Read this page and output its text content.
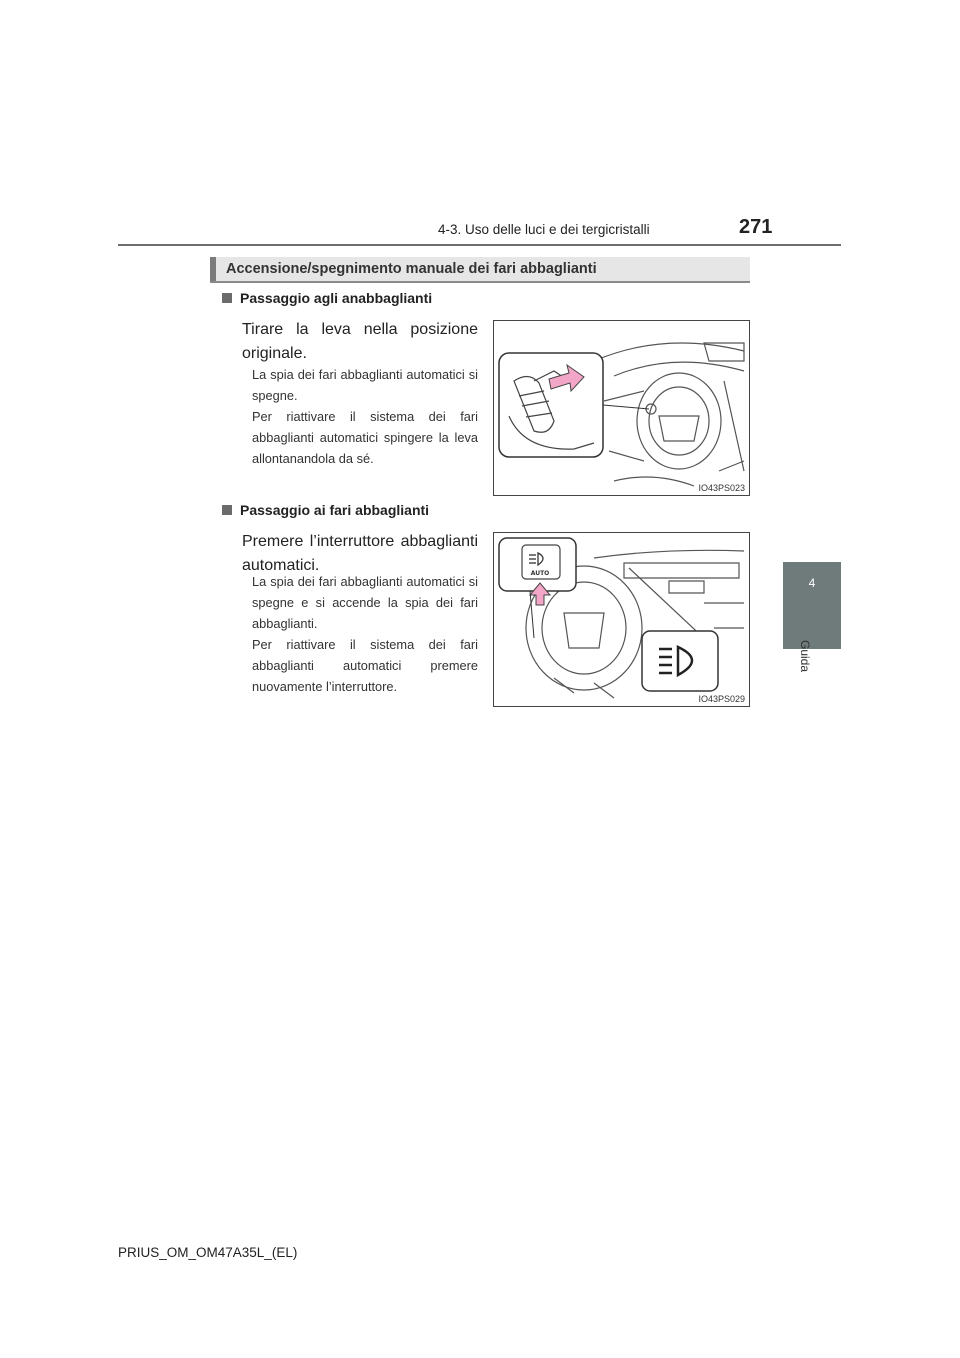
4-3. Uso delle luci e dei tergicristalli	271
4
Guida
Accensione/spegnimento manuale dei fari abbaglianti
Passaggio agli anabbaglianti
Tirare la leva nella posizione originale.
La spia dei fari abbaglianti automatici si spegne.
Per riattivare il sistema dei fari abbaglianti automatici spingere la leva allontanandola da sé.
IO43PS023
Passaggio ai fari abbaglianti
Premere l’interruttore abbaglianti automatici.
La spia dei fari abbaglianti automatici si spegne e si accende la spia dei fari abbaglianti.
Per riattivare il sistema dei fari abbaglianti automatici premere nuovamente l’interruttore.
AUTO
IO43PS029
PRIUS_OM_OM47A35L_(EL)
